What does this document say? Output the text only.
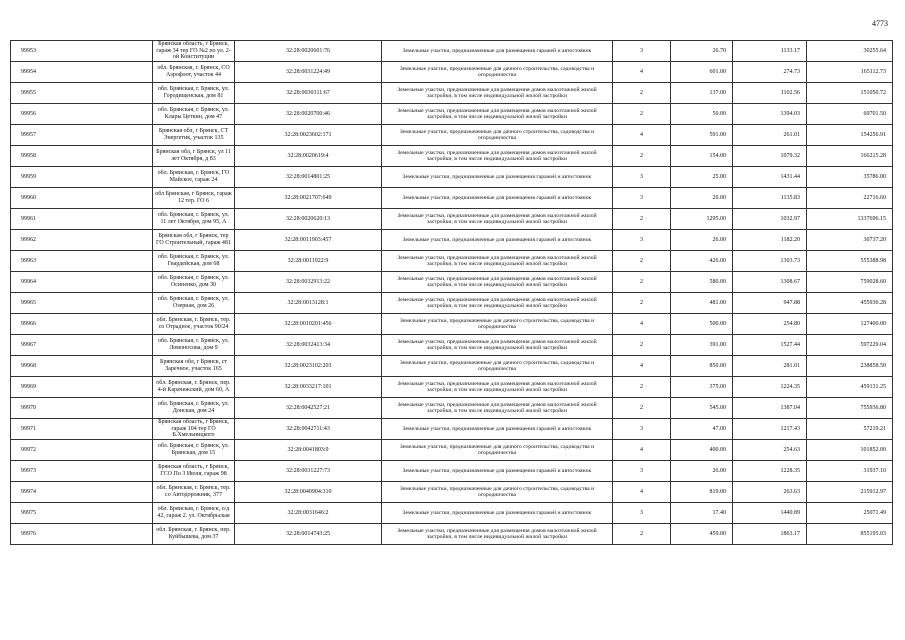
4773
99953	Брянская область, г Брянск, гараж 34 тер ГО №2 по ул. 2-ой Конституции	32:28:0020601:76	Земельные участки, предназначенные для размещения гаражей и автостоянок	3	26.70	1133.17	30255.64
99954	обл. Брянская, г. Брянск, СО Аэрофлот, участок 44	32:28:0031224:49	Земельные участки, предназначенные для дачного строительства, садоводства и огородничества	4	601.00	274.73	165112.73
99955	обл. Брянская, г. Брянск, ул. Городищенская, дом 81	32:28:0030311:67	Земельные участки, предназначенные для размещения домов малоэтажной жилой застройки, в том числе индивидуальной жилой застройки	2	137.00	1102.56	151050.72
99956	обл. Брянская, г. Брянск, ул. Клары Цеткин, дом 47	32:28:0020700:46	Земельные участки, предназначенные для размещения домов малоэтажной жилой застройки, в том числе индивидуальной жилой застройки	2	50.00	1394.03	69701.50
99957	Брянская обл, г Брянск, СТ Энергетик, участок 135	32:28:0023602:171	Земельные участки, предназначенные для дачного строительства, садоводства и огородничества	4	591.00	261.01	154256.91
99958	Брянская обл, г Брянск, ул 11 лет Октября, д 83	32:28:0020619:4	Земельные участки, предназначенные для размещения домов малоэтажной жилой застройки, в том числе индивидуальной жилой застройки	2	154.00	1079.32	166215.28
99959	обл. Брянская, г. Брянск, ГО Майское, гараж 24	32:28:0014801:25	Земельные участки, предназначенные для размещения гаражей и автостоянок	3	25.00	1431.44	35786.00
99960	обл Брянская, г Брянск, гараж 12 тер. ГО 6	32:28:0021707:649	Земельные участки, предназначенные для размещения гаражей и автостоянок	3	20.00	1135.83	22716.60
99961	обл. Брянская, г. Брянск, ул. 11 лет Октября, дом 95, А	32:28:0020620:13	Земельные участки, предназначенные для размещения домов малоэтажной жилой застройки, в том числе индивидуальной жилой застройки	2	1295.00	1032.97	1337696.15
99962	Брянская обл, г Брянск, тер ГО Строительный, гараж 481	32:28:0011903:457	Земельные участки, предназначенные для размещения гаражей и автостоянок	3	26.00	1182.20	30737.20
99963	обл. Брянская, г. Брянск, ул. Гвардейская, дом 68	32:28:0011922:9	Земельные участки, предназначенные для размещения домов малоэтажной жилой застройки, в том числе индивидуальной жилой застройки	2	426.00	1303.73	555388.98
99964	обл. Брянская, г. Брянск, ул. Осипенко, дом 30	32:28:0032913:22	Земельные участки, предназначенные для размещения домов малоэтажной жилой застройки, в том числе индивидуальной жилой застройки	2	580.00	1308.67	759028.60
99965	обл. Брянская, г. Брянск, ул. Озерная, дом 26	32:28:0013128:1	Земельные участки, предназначенные для размещения домов малоэтажной жилой застройки, в том числе индивидуальной жилой застройки	2	481.00	947.88	455930.28
99966	обл. Брянская, г. Брянск, тер. со Отрадное, участок 90/24	32:28:0010201:456	Земельные участки, предназначенные для дачного строительства, садоводства и огородничества	4	500.00	254.80	127400.00
99967	обл. Брянская, г. Брянск, ул. Ломоносова, дом 9	32:28:0032413:34	Земельные участки, предназначенные для размещения домов малоэтажной жилой застройки, в том числе индивидуальной жилой застройки	2	391.00	1527.44	597229.04
99968	Брянская обл, г Брянск, ст Заречное, участок 165	32:28:0023102:203	Земельные участки, предназначенные для дачного строительства, садоводства и огородничества	4	850.00	281.01	238858.50
99969	обл. Брянская, г. Брянск, пер. 4-й Карачижский, дом 60, А	32:28:0033217:101	Земельные участки, предназначенные для размещения домов малоэтажной жилой застройки, в том числе индивидуальной жилой застройки	2	375.00	1224.35	459131.25
99970	обл. Брянская, г. Брянск, ул. Донская, дом 24	32:28:0042527:21	Земельные участки, предназначенные для размещения домов малоэтажной жилой застройки, в том числе индивидуальной жилой застройки	2	545.00	1387.04	755936.80
99971	Брянская область, г Брянск, гараж 104 тер ГО Б.Хмельницкого	32:28:0042711:43	Земельные участки, предназначенные для размещения гаражей и автостоянок	3	47.00	1217.43	57219.21
99972	обл. Брянская, г. Брянск, ул. Брянская, дом 15	32:28:0041803:9	Земельные участки, предназначенные для дачного строительства, садоводства и огородничества	4	400.00	254.63	101852.00
99973	Брянская область, г Брянск, ГСО По 3 Июля, гараж 98	32:28:0031227:73	Земельные участки, предназначенные для размещения гаражей и автостоянок	3	26.00	1228.35	31937.10
99974	обл. Брянская, г. Брянск, тер. со Автодорожник, 377	32:28:0040904:310	Земельные участки, предназначенные для дачного строительства, садоводства и огородничества	4	819.00	263.63	215912.97
99975	обл. Брянская, г. Брянск, о/д 42, гараж 2. ул. Октябрьская	32:28:0031646:2	Земельные участки, предназначенные для размещения гаражей и автостоянок	3	17.40	1440.89	25071.49
99976	обл. Брянская, г. Брянск, пер. Куйбышева, дом 37	32:28:0014743:25	Земельные участки, предназначенные для размещения домов малоэтажной жилой застройки, в том числе индивидуальной жилой застройки	2	459.00	1863.17	855195.03
